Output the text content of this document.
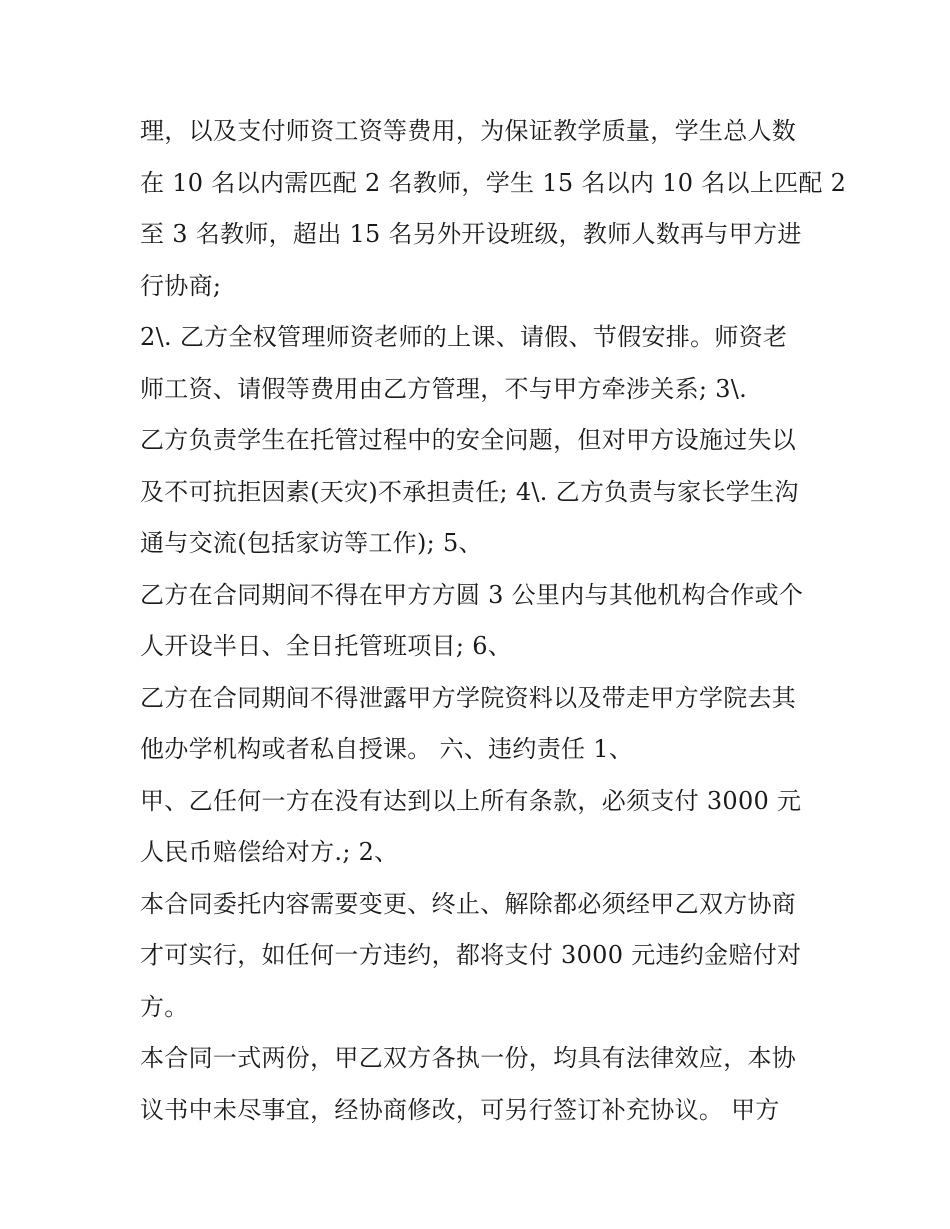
理，以及支付师资工资等费用，为保证教学质量，学生总人数
在 10 名以内需匹配 2 名教师，学生 15 名以内 10 名以上匹配 2
至 3 名教师，超出 15 名另外开设班级，教师人数再与甲方进
行协商;
2\. 乙方全权管理师资老师的上课、请假、节假安排。师资老
师工资、请假等费用由乙方管理，不与甲方牵涉关系; 3\.
乙方负责学生在托管过程中的安全问题，但对甲方设施过失以
及不可抗拒因素(天灾)不承担责任; 4\. 乙方负责与家长学生沟
通与交流(包括家访等工作); 5、
乙方在合同期间不得在甲方方圆 3 公里内与其他机构合作或个
人开设半日、全日托管班项目; 6、
乙方在合同期间不得泄露甲方学院资料以及带走甲方学院去其
他办学机构或者私自授课。 六、违约责任 1、
甲、乙任何一方在没有达到以上所有条款，必须支付 3000 元
人民币赔偿给对方.; 2、
本合同委托内容需要变更、终止、解除都必须经甲乙双方协商
才可实行，如任何一方违约，都将支付 3000 元违约金赔付对
方。
本合同一式两份，甲乙双方各执一份，均具有法律效应，本协
议书中未尽事宜，经协商修改，可另行签订补充协议。 甲方
